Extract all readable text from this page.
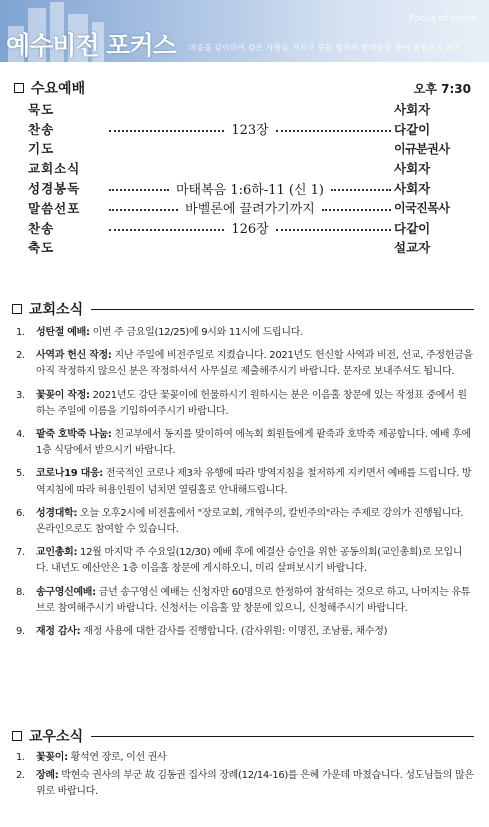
예수비전 포커스
Focus of Vision
마음을 같이하여 같은 사랑을 가지고 뜻을 합하며 한마음을 품어 빌립보서 2:2
수요예배	오후 7:30
묵도	사회자
찬송	123장	다같이
기도	이규분권사
교회소식	사회자
성경봉독	마태복음 1:6하-11 (신 1)	사회자
말씀선포	바벨론에 끌려가기까지	이국진목사
찬송	126장	다같이
축도	설교자
교회소식
1. 성탄절 예배: 이번 주 금요일(12/25)에 9시와 11시에 드립니다.
2. 사역과 헌신 작정: 지난 주일에 비전주일로 지켰습니다. 2021년도 헌신할 사역과 비전, 선교, 주정헌금을 아직 작정하지 않으신 분은 작정하셔서 사무실로 제출해주시기 바랍니다. 문자로 보내주셔도 됩니다.
3. 꽃꽂이 작정: 2021년도 강단 꽃꽂이에 헌물하시기 원하시는 분은 이음홀 창문에 있는 작정표 중에서 원하는 주일에 이름을 기입하여주시기 바랍니다.
4. 팥죽 호박죽 나눔: 친교부에서 동지를 맞이하여 에녹회 회원들에게 팥죽과 호박죽 제공합니다. 예배 후에 1층 식당에서 받으시기 바랍니다.
5. 코로나19 대응: 전국적인 코로나 제3차 유행에 따라 방역지침을 철저하게 지키면서 예배를 드립니다. 방역지침에 따라 허용인원이 넘치면 열림홀로 안내해드립니다.
6. 성경대학: 오늘 오후2시에 비전홀에서 "장로교회, 개혁주의, 칼빈주의"라는 주제로 강의가 진행됩니다. 온라인으로도 참여할 수 있습니다.
7. 교인총회: 12월 마지막 주 수요일(12/30) 예배 후에 예결산 승인을 위한 공동의회(교인총회)로 모입니다. 내년도 예산안은 1층 이음홀 창문에 게시하오니, 미리 살펴보시기 바랍니다.
8. 송구영신예배: 금년 송구영신 예배는 신청자만 60명으로 한정하여 참석하는 것으로 하고, 나머지는 유튜브로 참여해주시기 바랍니다. 신청서는 이음홀 앞 창문에 있으니, 신청해주시기 바랍니다.
9. 재정 감사: 재정 사용에 대한 감사를 진행합니다. (감사위원: 이명진, 조남룡, 채수정)
교우소식
1. 꽃꽂이: 황석연 장로, 이선 권사
2. 장례: 박현숙 권사의 부군 故 김동권 집사의 장례(12/14-16)를 은혜 가운데 마쳤습니다. 성도님들의 많은 위로 바랍니다.
